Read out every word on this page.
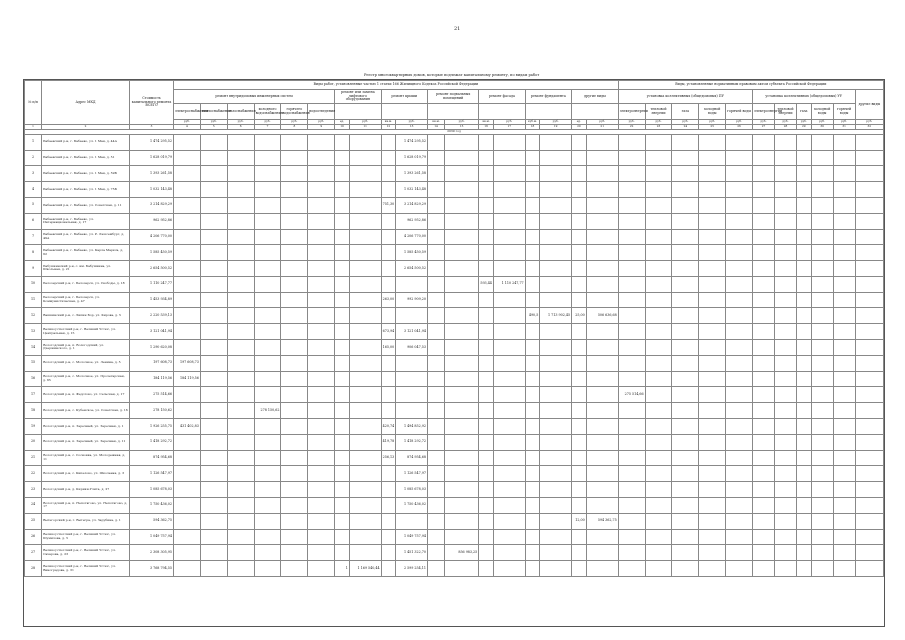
21
Реестр многоквартирных домов, которые подлежат капитальному ремонту, по видам работ
№ п/п	Адрес МКД	Стоимость капитального ремонта ВСЕГО	Виды работ, установленные частью 1 статьи 166 Жилищного Кодекса Российской Федерации																		Виды, установленные нормативным правовым актом субъекта Российской Федерации										
			ремонт внутридомовых инженерных систем						ремонт или замена лифтового оборудования		ремонт крыши		ремонт подвальных помещений		ремонт фасада		ремонт фундамента		другие виды		установка коллективных (общедомовых) ПУ					установка коллективных (общедомовых) УУ					другие виды
			электроснабжения	теплоснабжения	газоснабжения	холодного водоснабжения	горячего водоснабжения	водоотведения													электроэнергии	тепловой энергии	газа	холодной воды	горячей воды	электроэнергии	тепловой энергии	газа	холодной воды	горячей воды	
			руб.	руб.	руб.	руб.	руб.	руб.	ед.	руб.	кв.м.	руб.	кв.м.	руб.	кв.м.	руб.	куб.м.	руб.	ед.	руб.	руб.	руб.	руб.	руб.	руб.	руб.	руб.	руб.	руб.	руб.	руб.
1	2	3	4	5	6	7	8	9	10	11	12	13	14	15	16	17	18	19	20	21	22	23	24	25	26	27	28	29	30	31	32
2039 год																															
1	Бабаевский р-н, г. Бабаево, ул. 1 Мая, д. 44А	1 474 295,52										1 474 295,52																			
2	Бабаевский р-н, г. Бабаево, ул. 1 Мая, д. 51	1 628 019,79										1 628 019,79																			
3	Бабаевский р-н, г. Бабаево, ул. 1 Мая, д. 59Б	1 393 261,58										1 393 261,58																			
4	Бабаевский р-н, г. Бабаево, ул. 1 Мая, д. 75Б	1 032 143,48										1 032 143,48																			
5	Бабаевский р-н, г. Бабаево, ул. Советская, д. 11	3 214 829,29									751,30	3 214 829,29																			
6	Бабаевский р-н, г. Бабаево, ул. Интернациональная, д. 17	962 952,86										962 952,86																			
7	Бабаевский р-н, г. Бабаево, ул. Р. Люксембург, д. 49А	4 206 770,00										4 206 770,00																			
8	Бабаевский р-н, г. Бабаево, ул. Карла Маркса, д. 62	1 585 450,59										1 585 450,59																			
9	Бабушкинский р-н, с. им. Бабушкина, ул. Школьная, д. 21	2 654 500,52										2 654 500,52																			
10	Белозерский р-н, г. Белозерск, ул. Свободы, д. 18	1 110 247,77													593,44	1 110 247,77															
11	Белозерский р-н, г. Белозерск, ул. Коммунистическая, д. 47	1 453 934,89									263,00	992 909,20																			
12	Вашкинский р-н, с. Липин Бор, ул. Кирова, д. 5	2 220 539,13															490,5	1 713 902,45	25,00	506 636,68											
13	Великоустюгский р-н, г. Великий Устюг, ул. Центральная, д. 15	3 121 041,94									673,94	3 121 041,94																			
14	Вологодский р-н, п. Вологодский, ул. Дзержинского, д. 1	1 290 620,08									165,00	906 047,53																			
15	Вологодский р-н, с. Молочное, ул. Ленина, д. 5	197 608,73	197 608,73																												
16	Вологодский р-н, с. Молочное, ул. Пролетарская, д. 65	184 119,56	184 119,56																												
17	Вологодский р-н, п. Федотово, ул. Сельская, д. 17	275 514,66																			275 514,66										
18	Вологодский р-н, с. Кубенское, ул. Советская, д. 16	278 150,62				278 150,62																									
19	Вологодский р-н, п. Заречный, ул. Заречная, д. 1	1 926 255,75	431 402,83								420,74	1 494 852,92																			
20	Вологодский р-н, п. Заречный, ул. Заречная, д. 11	1 418 292,72									419,78	1 418 292,72																			
21	Вологодский р-н, с. Сосновка, ул. Молодежная, д. 11	874 954,68									256,13	874 954,68																			
22	Вологодский р-н, с. Кипелово, ул. Школьная, д. 3	1 126 547,97										1 126 547,97																			
23	Вологодский р-н, д. Кирики-Улита, д. 27	1 085 678,03										1 085 678,03																			
24	Вологодский р-н, п. Непотягово, ул. Непотягово, д. 17	1 750 436,02										1 750 436,02																			
25	Вытегорский р-н, г. Вытегра, ул. Зарубина, д. 1	594 362,75																	12,00	594 362,75											
26	Великоустюгский р-н, г. Великий Устюг, ул. Шумилова, д. 5	1 049 757,94										1 049 757,94																			
27	Великоустюгский р-н, г. Великий Устюг, ул. Сахарова, д. 23	2 308 305,95										1 451 322,70		856 983,25																	
28	Великоустюгский р-н, г. Великий Устюг, ул. Виноградова, д. 31	3 768 794,55							1	1 169 540,44		2 599 254,11																			
